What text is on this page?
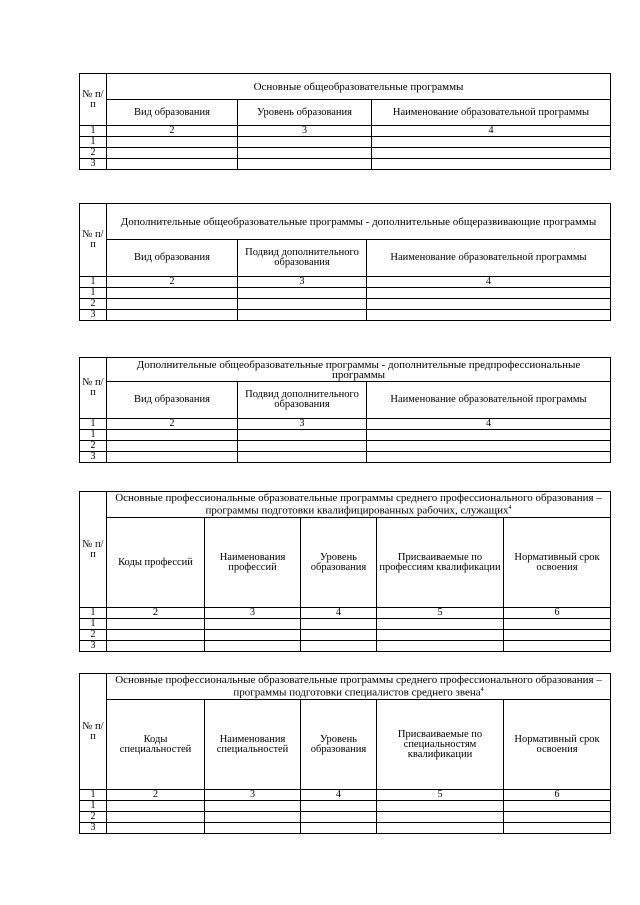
№ п/п	Основные общеобразовательные программы		
	Вид образования	Уровень образования	Наименование образовательной программы
1	2	3	4
1			
2			
3			
№ п/п	Дополнительные общеобразовательные программы - дополнительные общеразвивающие программы		
	Вид образования	Подвид дополнительного образования	Наименование образовательной программы
1	2	3	4
1			
2			
3			
№ п/п	Дополнительные общеобразовательные программы - дополнительные предпрофессиональные программы		
	Вид образования	Подвид дополнительного образования	Наименование образовательной программы
1	2	3	4
1			
2			
3			
№ п/п	Основные профессиональные образовательные программы среднего профессионального образования – программы подготовки квалифицированных рабочих, служащих 4
	Коды профессий	Наименования профессий	Уровень образования	Присваиваемые по профессиям квалификации	Нормативный срок освоения
1	2	3	4	5	6
1					
2					
3					
№ п/п	Основные профессиональные образовательные программы среднего профессионального образования – программы подготовки специалистов среднего звена 4
	Коды специальностей	Наименования специальностей	Уровень образования	Присваиваемые по специальностям квалификации	Нормативный срок освоения
1	2	3	4	5	6
1					
2					
3					
